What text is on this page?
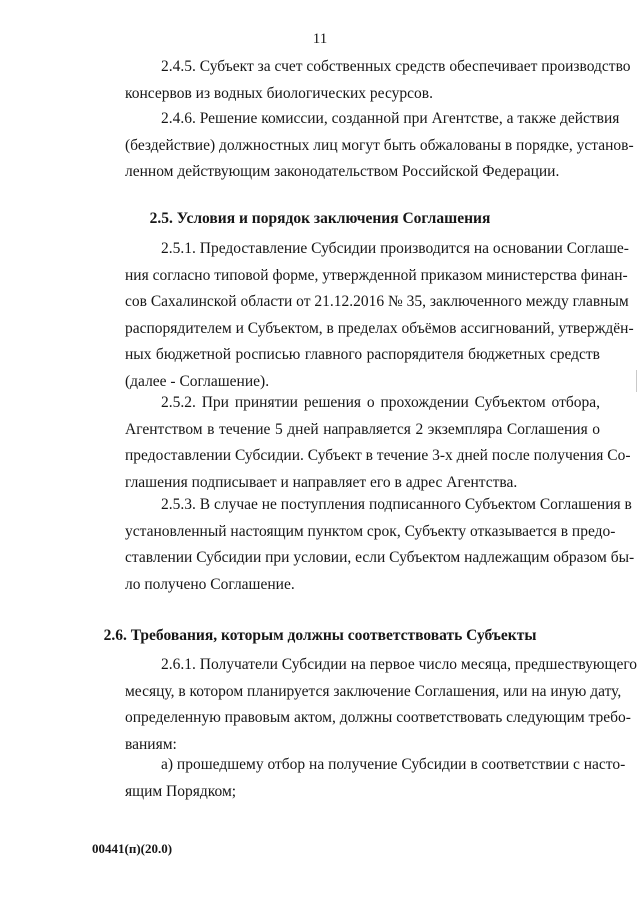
11
2.4.5. Субъект за счет собственных средств обеспечивает производство
консервов из водных биологических ресурсов.
2.4.6. Решение комиссии, созданной при Агентстве, а также действия
(бездействие) должностных лиц могут быть обжалованы в порядке, установ-
ленном действующим законодательством Российской Федерации.
2.5. Условия и порядок заключения Соглашения
2.5.1. Предоставление Субсидии производится на основании Соглаше-
ния согласно типовой форме, утвержденной приказом министерства финан-
сов Сахалинской области от 21.12.2016 № 35, заключенного между главным
распорядителем и Субъектом, в пределах объёмов ассигнований, утверждён-
ных бюджетной росписью главного распорядителя бюджетных средств
(далее - Соглашение).
2.5.2. При принятии решения о прохождении Субъектом отбора,
Агентством в течение 5 дней направляется 2 экземпляра Соглашения о
предоставлении Субсидии. Субъект в течение 3-х дней после получения Со-
глашения подписывает и направляет его в адрес Агентства.
2.5.3. В случае не поступления подписанного Субъектом Соглашения в
установленный настоящим пунктом срок, Субъекту отказывается в предо-
ставлении Субсидии при условии, если Субъектом надлежащим образом бы-
ло получено Соглашение.
2.6. Требования, которым должны соответствовать Субъекты
2.6.1. Получатели Субсидии на первое число месяца, предшествующего
месяцу, в котором планируется заключение Соглашения, или на иную дату,
определенную правовым актом, должны соответствовать следующим требо-
ваниям:
а) прошедшему отбор на получение Субсидии в соответствии с насто-
ящим Порядком;
00441(п)(20.0)
